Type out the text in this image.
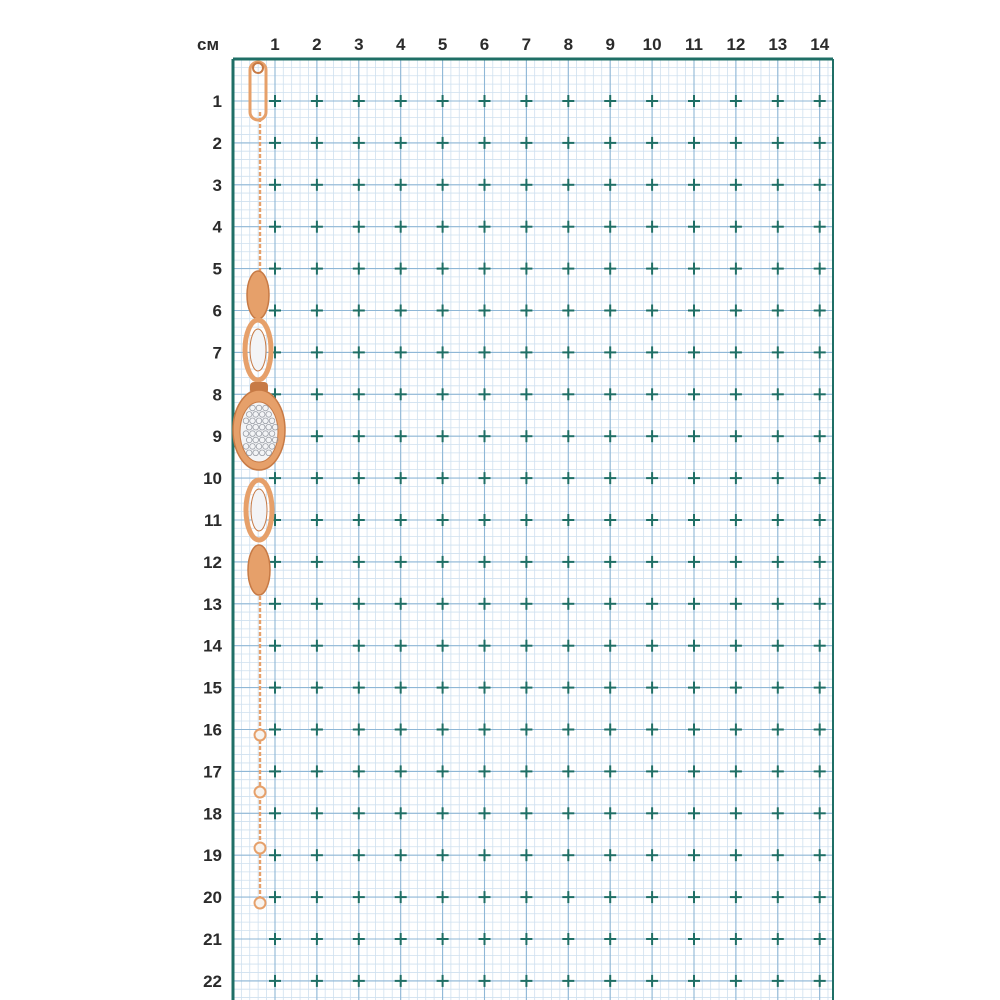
см	1 2 3 4 5 6 7 8 9 10 11 12 13 14
1
2
3
4
5
6
7
8
9
10
11
12
13
14
15
16
17
18
19
20
21
22
